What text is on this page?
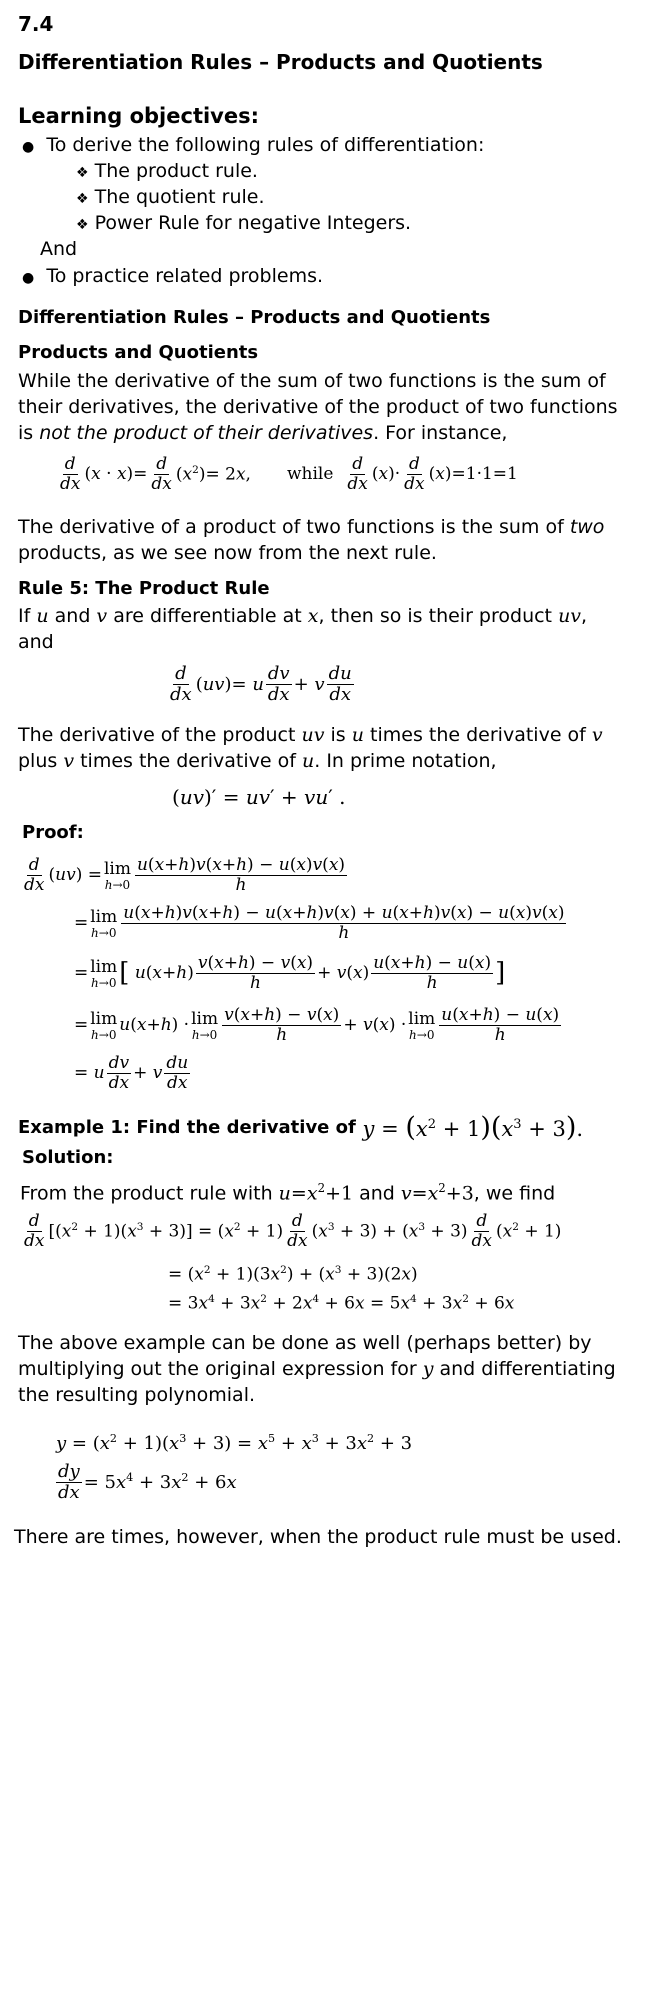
7.4
Differentiation Rules – Products and Quotients
Learning objectives:
● To derive the following rules of differentiation:
❖ The product rule.
❖ The quotient rule.
❖ Power Rule for negative Integers.
And
● To practice related problems.
Differentiation Rules – Products and Quotients
Products and Quotients
While the derivative of the sum of two functions is the sum of
their derivatives, the derivative of the product of two functions
is not the product of their derivatives. For instance,
$\frac{d}{dx} (x \cdot x)= \frac{d}{dx} (x^2)= 2x$, while $\frac{d}{dx} (x)\cdot \frac{d}{dx} (x)=1\cdot 1=1$
The derivative of a product of two functions is the sum of two
products, as we see now from the next rule.
Rule 5: The Product Rule
If u and v are differentiable at x, then so is their product uv,
and
$\frac{d}{dx} (uv)= u \frac{dv}{dx} + v \frac{du}{dx}$
The derivative of the product uv is u times the derivative of v
plus v times the derivative of u. In prime notation,
(uv)′ = uv′ + vu′ .
Proof:
$\frac{d}{dx} (uv) = \lim$
$h\to 0 \frac{u(x+h)v(x+h) - u(x)v(x)}{h}$
= lim
$h\to 0 \frac{u(x+h)v(x+h) - u(x+h)v(x) + u(x+h)v(x) - u(x)v(x)}{h}$
= lim
h→0 [ $u(x+h) \frac{v(x+h) - v(x)}{h} + v(x) \frac{u(x+h) - u(x)}{h}$ ]
= lim
h→0 u(x+h) · lim
$h\to 0 \frac{v(x+h) - v(x)}{h} + v(x) \cdot \lim$
$h\to 0 \frac{u(x+h) - u(x)}{h}$
= u $\frac{dv}{dx} + v \frac{du}{dx}$
Example 1: Find the derivative of $y = (x^2 + 1)(x^3 + 3)$.
Solution:
From the product rule with $u=x^2+1$ and $v=x^2+3$, we find
$\frac{d}{dx} [(x^2 + 1)(x^3 + 3)] = (x^2 + 1) \frac{d}{dx} (x^3 + 3) + (x^3 + 3) \frac{d}{dx} (x^2 + 1)$
= $(x^2 + 1)(3x^2) + (x^3 + 3)(2x)$
= $3x^4 + 3x^2 + 2x^4 + 6x = 5x^4 + 3x^2 + 6x$
The above example can be done as well (perhaps better) by
multiplying out the original expression for y and differentiating
the resulting polynomial.
$y = (x^2 + 1)(x^3 + 3) = x^5 + x^3 + 3x^2 + 3$
$\frac{dy}{dx} = 5x^4 + 3x^2 + 6x$
There are times, however, when the product rule must be used.
